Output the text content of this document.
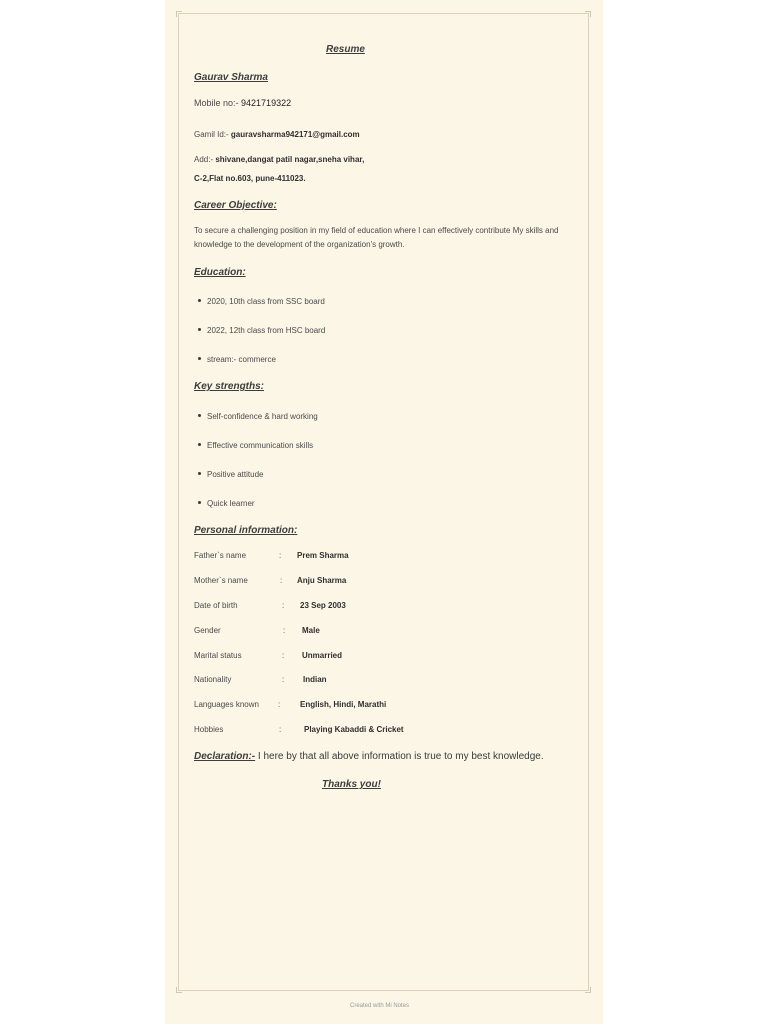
Resume
Gaurav Sharma
Mobile no:- 9421719322
Gamil Id:- gauravsharma942171@gmail.com
Add:- shivane,dangat patil nagar,sneha vihar,
C-2,Flat no.603, pune-411023.
Career Objective:
To secure a challenging position in my field of education where I can effectively contribute My skills and knowledge to the development of the organization's growth.
Education:
2020, 10th class from SSC board
2022, 12th class from HSC board
stream:- commerce
Key strengths:
Self-confidence & hard working
Effective communication skills
Positive attitude
Quick learner
Personal information:
Father`s name	: Prem Sharma
Mother`s name	: Anju Sharma
Date of birth	: 23 Sep 2003
Gender	: Male
Marital status	: Unmarried
Nationality	: Indian
Languages known : English, Hindi, Marathi
Hobbies	:	Playing Kabaddi & Cricket
Declaration:- I here by that all above information is true to my best knowledge.
Thanks you!
Created with Mi Notes
